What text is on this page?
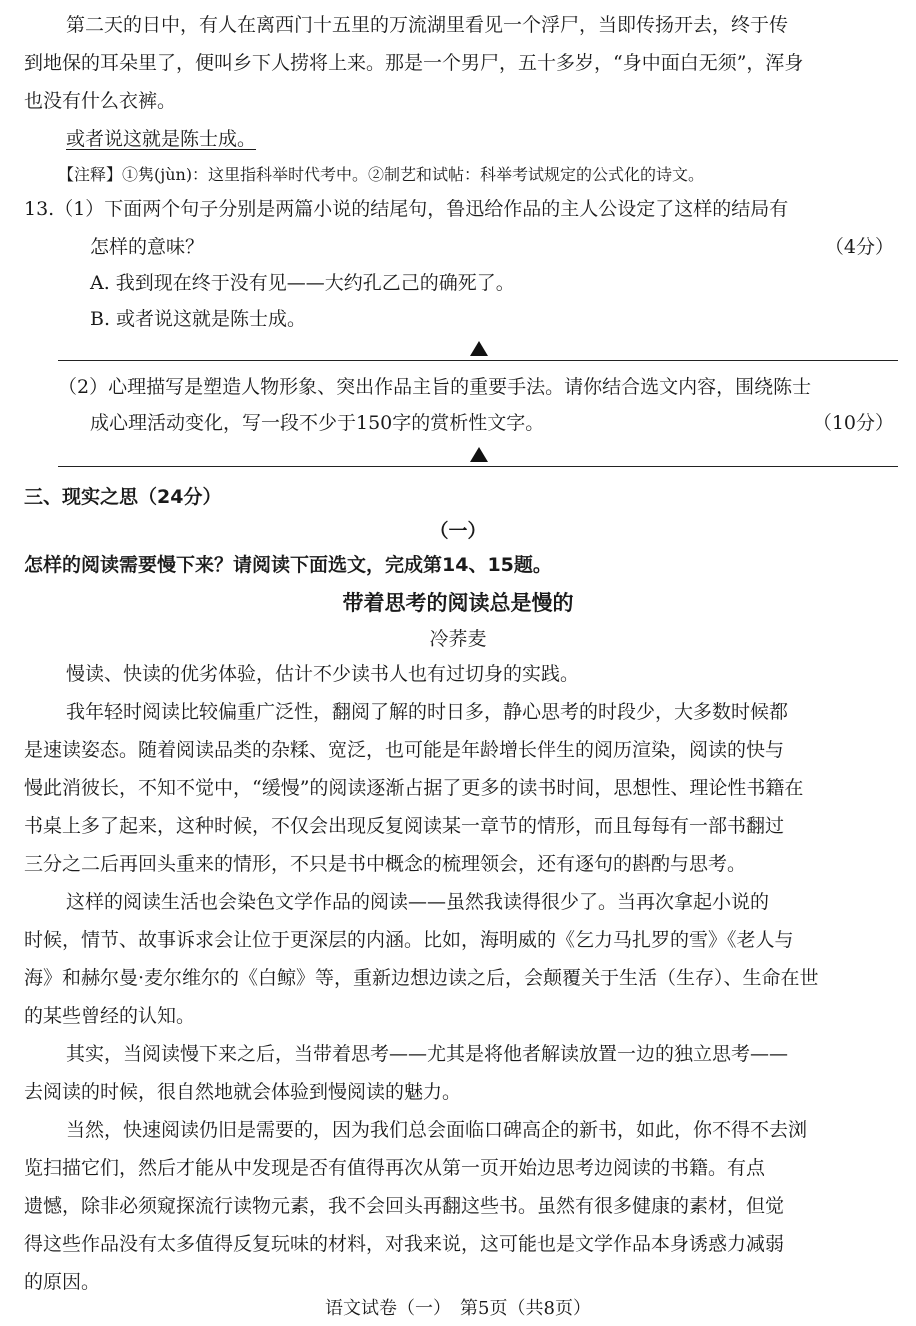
第二天的日中，有人在离西门十五里的万流湖里看见一个浮尸，当即传扬开去，终于传
到地保的耳朵里了，便叫乡下人捞将上来。那是一个男尸，五十多岁，“身中面白无须”，浑身
也没有什么衣裤。
或者说这就是陈士成。
【注释】①隽(jùn)：这里指科举时代考中。②制艺和试帖：科举考试规定的公式化的诗文。
13.（1）下面两个句子分别是两篇小说的结尾句，鲁迅给作品的主人公设定了这样的结局有
怎样的意味？	（4分）
A. 我到现在终于没有见——大约孔乙己的确死了。
B. 或者说这就是陈士成。
（2）心理描写是塑造人物形象、突出作品主旨的重要手法。请你结合选文内容，围绕陈士
成心理活动变化，写一段不少于150字的赏析性文字。	（10分）
三、现实之思（24分）
（一）
怎样的阅读需要慢下来？请阅读下面选文，完成第14、15题。
带着思考的阅读总是慢的
冷荞麦
慢读、快读的优劣体验，估计不少读书人也有过切身的实践。
我年轻时阅读比较偏重广泛性，翻阅了解的时日多，静心思考的时段少，大多数时候都
是速读姿态。随着阅读品类的杂糅、宽泛，也可能是年龄增长伴生的阅历渲染，阅读的快与
慢此消彼长，不知不觉中，“缓慢”的阅读逐渐占据了更多的读书时间，思想性、理论性书籍在
书桌上多了起来，这种时候，不仅会出现反复阅读某一章节的情形，而且每每有一部书翻过
三分之二后再回头重来的情形，不只是书中概念的梳理领会，还有逐句的斟酌与思考。
这样的阅读生活也会染色文学作品的阅读——虽然我读得很少了。当再次拿起小说的
时候，情节、故事诉求会让位于更深层的内涵。比如，海明威的《乞力马扎罗的雪》《老人与
海》和赫尔曼·麦尔维尔的《白鲸》等，重新边想边读之后，会颠覆关于生活（生存）、生命在世
的某些曾经的认知。
其实，当阅读慢下来之后，当带着思考——尤其是将他者解读放置一边的独立思考——
去阅读的时候，很自然地就会体验到慢阅读的魅力。
当然，快速阅读仍旧是需要的，因为我们总会面临口碑高企的新书，如此，你不得不去浏
览扫描它们，然后才能从中发现是否有值得再次从第一页开始边思考边阅读的书籍。有点
遗憾，除非必须窥探流行读物元素，我不会回头再翻这些书。虽然有很多健康的素材，但觉
得这些作品没有太多值得反复玩味的材料，对我来说，这可能也是文学作品本身诱惑力减弱
的原因。
语文试卷（一）　第5页（共8页）
